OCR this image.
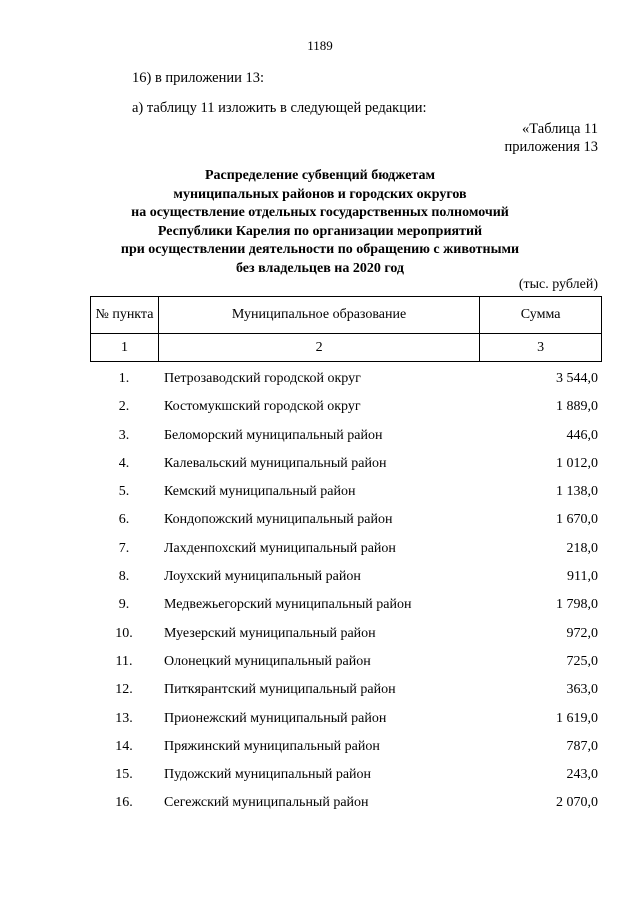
1189
16) в приложении 13:
а) таблицу 11 изложить в следующей редакции:
«Таблица 11
приложения 13
Распределение субвенций бюджетам
муниципальных районов и городских округов
на осуществление отдельных государственных полномочий
Республики Карелия по организации мероприятий
при осуществлении деятельности по обращению с животными
без владельцев на 2020 год
(тыс. рублей)
№ пункта	Муниципальное образование	Сумма
1	2	3
1.	Петрозаводский городской округ	3 544,0
2.	Костомукшский городской округ	1 889,0
3.	Беломорский муниципальный район	446,0
4.	Калевальский муниципальный район	1 012,0
5.	Кемский муниципальный район	1 138,0
6.	Кондопожский муниципальный район	1 670,0
7.	Лахденпохский муниципальный район	218,0
8.	Лоухский муниципальный район	911,0
9.	Медвежьегорский муниципальный район	1 798,0
10.	Муезерский муниципальный район	972,0
11.	Олонецкий муниципальный район	725,0
12.	Питкярантский муниципальный район	363,0
13.	Прионежский муниципальный район	1 619,0
14.	Пряжинский муниципальный район	787,0
15.	Пудожский муниципальный район	243,0
16.	Сегежский муниципальный район	2 070,0
